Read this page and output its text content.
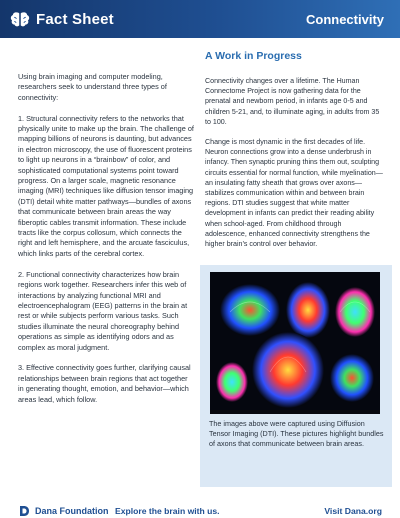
Fact Sheet	Connectivity

Using brain imaging and computer modeling, researchers seek to understand three types of connectivity:

1. Structural connectivity refers to the networks that physically unite to make up the brain. The challenge of mapping billions of neurons is daunting, but advances in electron microscopy, the use of fluorescent proteins to light up neurons in a “brainbow” of color, and sophisticated computational systems point toward progress. On a larger scale, magnetic resonance imaging (MRI) techniques like diffusion tensor imaging (DTI) detail white matter pathways—bundles of axons that communicate between brain areas the way fiberoptic cables transmit information. These include tracts like the corpus collosum, which connects the right and left hemisphere, and the arcuate fasciculus, which links parts of the cerebral cortex.

2. Functional connectivity characterizes how brain regions work together. Researchers infer this web of interactions by analyzing functional MRI and electroencephalogram (EEG) patterns in the brain at rest or while subjects perform various tasks. Such studies illuminate the neural choreography behind operations as simple as identifying odors and as complex as moral judgment.

3. Effective connectivity goes further, clarifying causal relationships between brain regions that act together in generating thought, emotion, and behavior—which areas lead, which follow.

A Work in Progress

Connectivity changes over a lifetime. The Human Connectome Project is now gathering data for the prenatal and newborn period, in infants age 0-5 and children 5-21, and, to illuminate aging, in adults from 35 to 100.

Change is most dynamic in the first decades of life. Neuron connections grow into a dense underbrush in infancy. Then synaptic pruning thins them out, sculpting circuits essential for normal function, while myelination—an insulating fatty sheath that grows over axons—stabilizes communication within and between brain regions. DTI studies suggest that white matter development in infants can predict their reading ability when school-aged. From childhood through adolescence, enhanced connectivity strengthens the higher brain’s control over behavior.

The images above were captured using Diffusion Tensor Imaging (DTI). These pictures highlight bundles of axons that communicate between brain areas.
Dana Foundation Explore the brain with us.	Visit Dana.org
